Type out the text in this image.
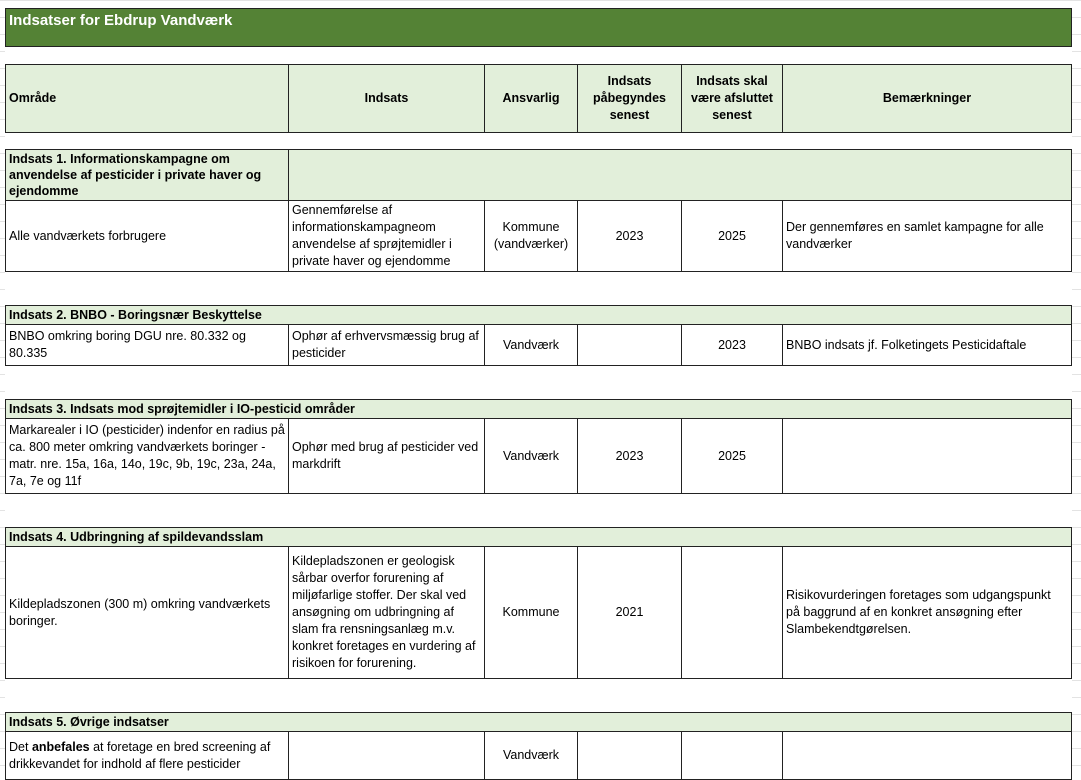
Indsatser for Ebdrup Vandværk					

Område	Indsats	Ansvarlig	Indsats påbegyndes senest	Indsats skal være afsluttet senest	Bemærkninger

Indsats 1. Informationskampagne om anvendelse af pesticider i private haver og ejendomme					
Alle vandværkets forbrugere	Gennemførelse af informationskampagneom anvendelse af sprøjtemidler i private haver og ejendomme	Kommune (vandværker)	2023	2025	Der gennemføres en samlet kampagne for alle vandværker

Indsats 2. BNBO - Boringsnær Beskyttelse					
BNBO omkring boring DGU nre. 80.332 og 80.335	Ophør af erhvervsmæssig brug af pesticider	Vandværk		2023	BNBO indsats jf. Folketingets Pesticidaftale

Indsats 3. Indsats mod sprøjtemidler i IO-pesticid områder					
Markarealer i IO (pesticider) indenfor en radius på ca. 800 meter omkring vandværkets boringer - matr. nre. 15a, 16a, 14o, 19c, 9b, 19c, 23a, 24a, 7a, 7e og 11f	Ophør med brug af pesticider ved markdrift	Vandværk	2023	2025	

Indsats 4. Udbringning af spildevandsslam					
Kildepladszonen (300 m) omkring vandværkets boringer.	Kildepladszonen er geologisk sårbar overfor forurening af miljøfarlige stoffer. Der skal ved ansøgning om udbringning af slam fra rensningsanlæg m.v. konkret foretages en vurdering af risikoen for forurening.	Kommune	2021		Risikovurderingen foretages som udgangspunkt på baggrund af en konkret ansøgning efter Slambekendtgørelsen.

Indsats 5. Øvrige indsatser					
Det anbefales at foretage en bred screening af drikkevandet for indhold af flere pesticider		Vandværk			
